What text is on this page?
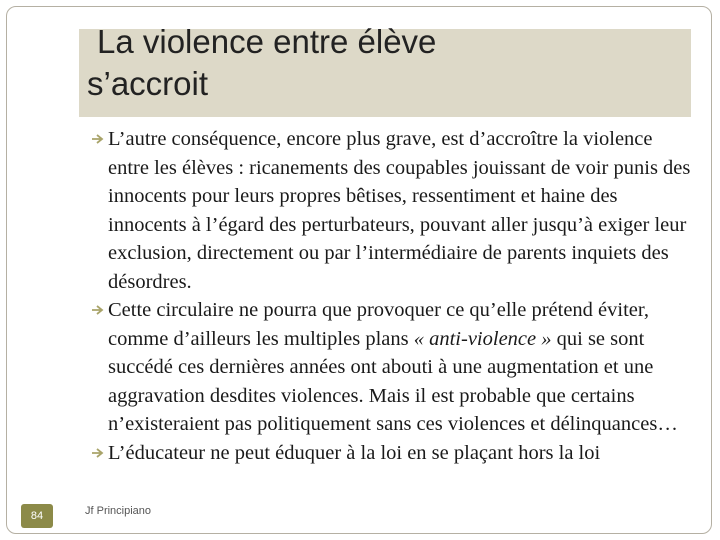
La violence entre élève
s’accroit

L’autre conséquence, encore plus grave, est d’accroître la violence entre les élèves : ricanements des coupables jouissant de voir punis des innocents pour leurs propres bêtises, ressentiment et haine des innocents à l’égard des perturbateurs, pouvant aller jusqu’à exiger leur exclusion, directement ou par l’intermédiaire de parents inquiets des désordres.

Cette circulaire ne pourra que provoquer ce qu’elle prétend éviter, comme d’ailleurs les multiples plans « anti-violence » qui se sont succédé ces dernières années ont abouti à une augmentation et une aggravation desdites violences. Mais il est probable que certains n’existeraient pas politiquement sans ces violences et délinquances…

L’éducateur ne peut éduquer à la loi en se plaçant hors la loi

Jf Principiano
84
